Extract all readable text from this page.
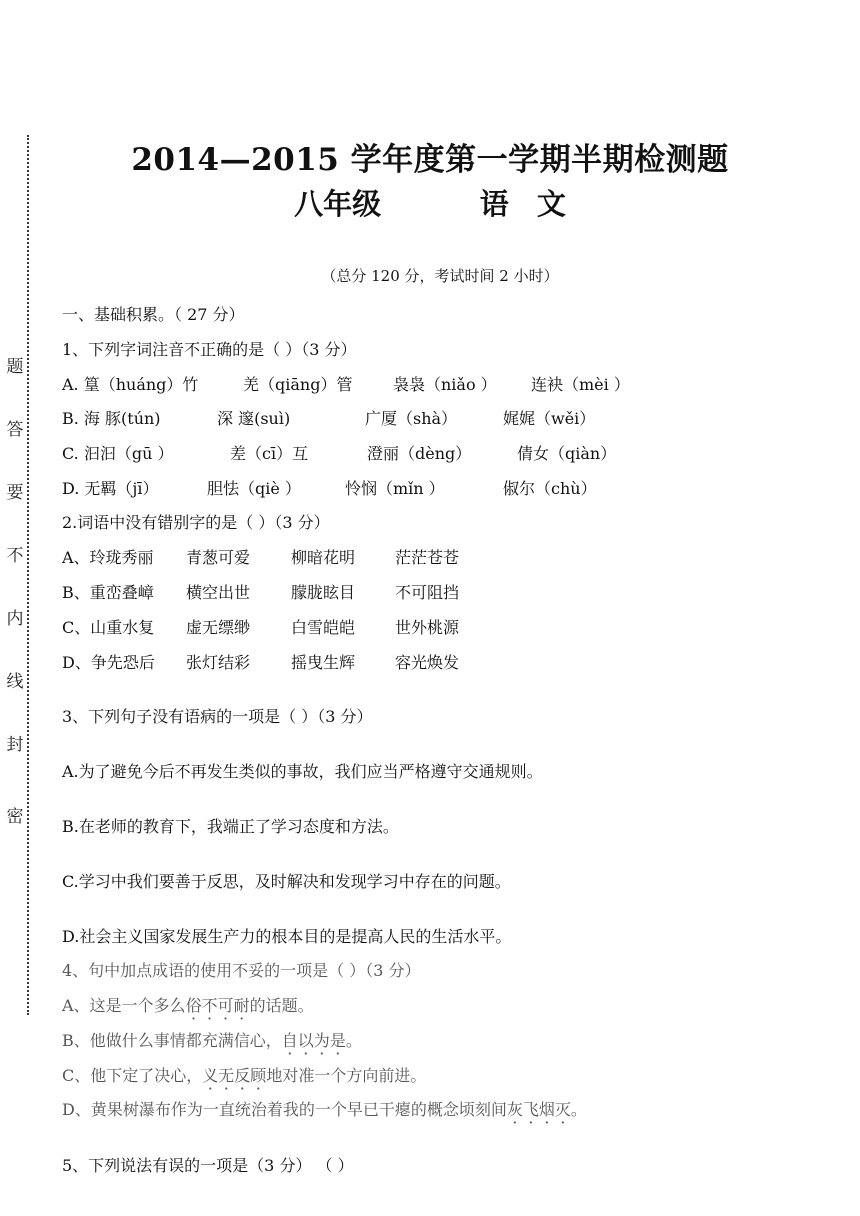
题
答
要
不
内
线
封
密
2014—2015 学年度第一学期半期检测题
八年级       语  文
（总分 120 分，考试时间 2 小时）
一、基础积累。（ 27 分）
1、下列字词注音不正确的是（ ）（3 分）
A. 篁（huáng）竹	羌（qiāng）管	袅袅（niǎo ） 连袂（mèi ）
B. 海 豚(tún)	深 邃(suì)	广厦（shà）	娓娓（wěi）
C. 汩汩（gū ）	差（cī）互	澄丽（dèng）	倩女（qiàn）
D. 无羁（jī）	胆怯（qiè ）	怜悯（mǐn ）	俶尔（chù）
2.词语中没有错别字的是（ ）（3 分）
A、玲珑秀丽 青葱可爱	柳暗花明 茫茫苍苍
B、重峦叠嶂 横空出世	朦胧眩目 不可阻挡
C、山重水复 虚无缥缈	白雪皑皑 世外桃源
D、争先恐后 张灯结彩	摇曳生辉 容光焕发
3、下列句子没有语病的一项是（ ）（3 分）
A.为了避免今后不再发生类似的事故，我们应当严格遵守交通规则。
B.在老师的教育下，我端正了学习态度和方法。
C.学习中我们要善于反思，及时解决和发现学习中存在的问题。
D.社会主义国家发展生产力的根本目的是提高人民的生活水平。
4、句中加点成语的使用不妥的一项是（ ）（3 分）
A、这是一个多么俗不可耐的话题。
B、他做什么事情都充满信心，自以为是。
C、他下定了决心，义无反顾地对准一个方向前进。
D、黄果树瀑布作为一直统治着我的一个早已干瘪的概念顷刻间灰飞烟灭。
5、下列说法有误的一项是（3 分） （ ）
